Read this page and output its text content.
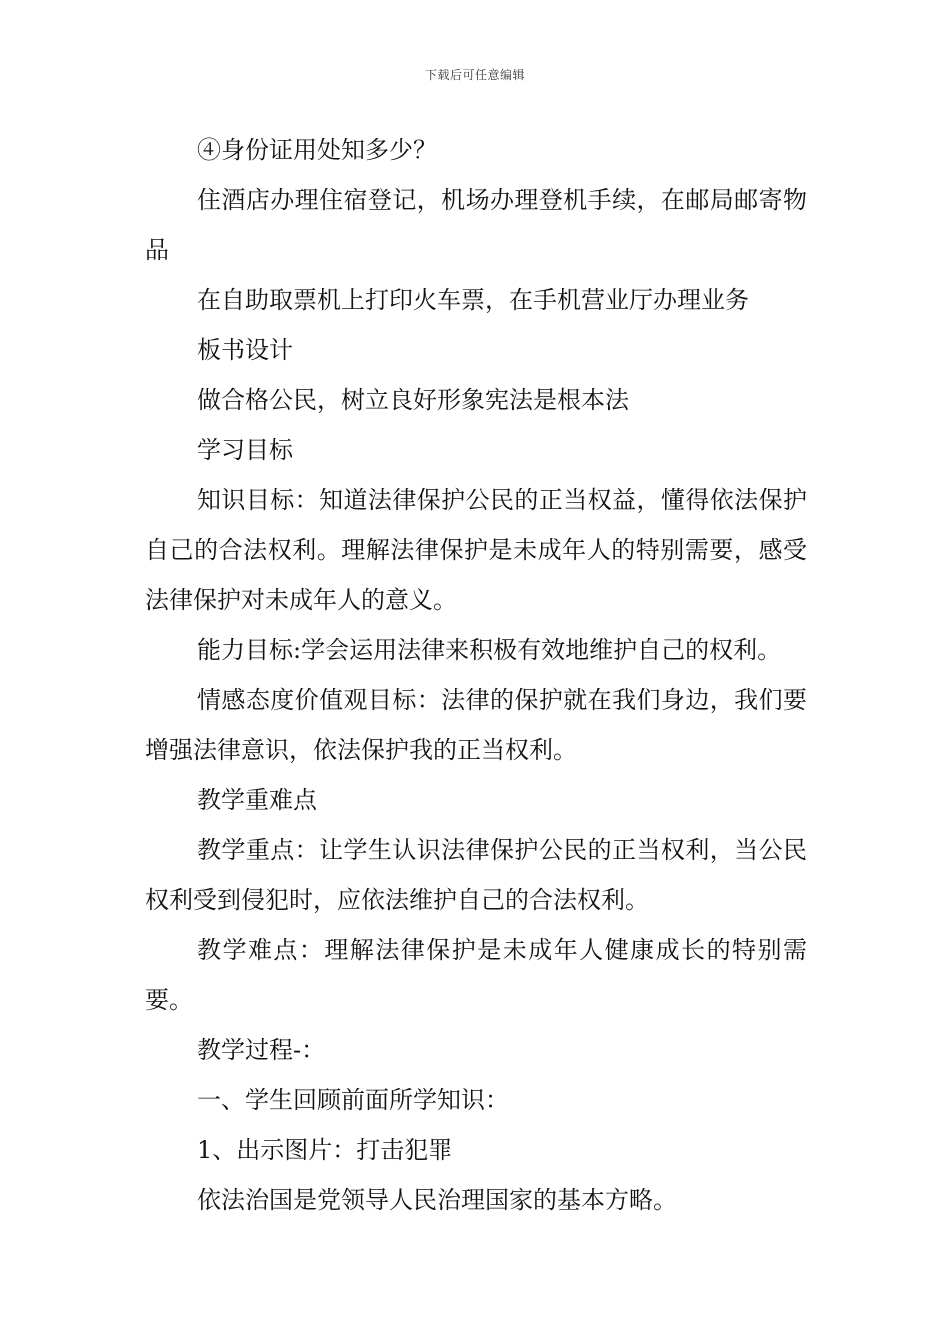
下载后可任意编辑

④身份证用处知多少？

住酒店办理住宿登记，机场办理登机手续，在邮局邮寄物品

在自助取票机上打印火车票，在手机营业厅办理业务

板书设计

做合格公民，树立良好形象宪法是根本法

学习目标

知识目标：知道法律保护公民的正当权益，懂得依法保护自己的合法权利。理解法律保护是未成年人的特别需要，感受法律保护对未成年人的意义。

能力目标:学会运用法律来积极有效地维护自己的权利。

情感态度价值观目标：法律的保护就在我们身边，我们要增强法律意识，依法保护我的正当权利。

教学重难点

教学重点：让学生认识法律保护公民的正当权利，当公民权利受到侵犯时，应依法维护自己的合法权利。

教学难点：理解法律保护是未成年人健康成长的特别需要。

教学过程-：

一、学生回顾前面所学知识：

1、出示图片：打击犯罪

依法治国是党领导人民治理国家的基本方略。
